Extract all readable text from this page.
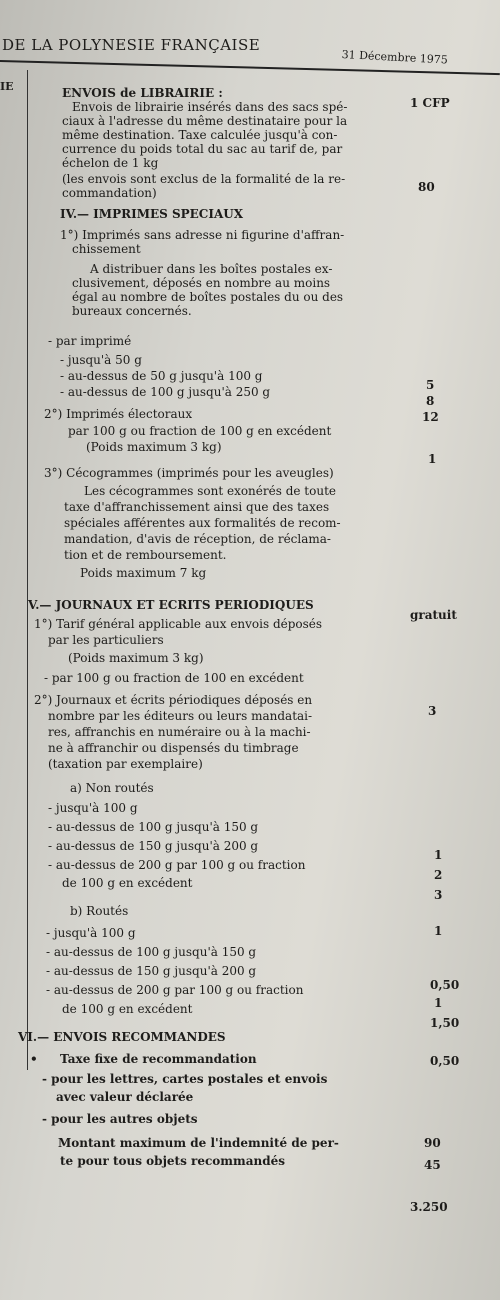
DE LA POLYNESIE FRANÇAISE
31 Décembre 1975
IE	ENVOIS de LIBRAIRIE :
Envois de librairie insérés dans des sacs spé-
ciaux à l'adresse du même destinataire pour la
même destination. Taxe calculée jusqu'à con-
currence du poids total du sac au tarif de, par
échelon de 1 kg
(les envois sont exclus de la formalité de la re-
commandation)
IV.— IMPRIMES SPECIAUX
1°) Imprimés sans adresse ni figurine d'affran-
chissement
A distribuer dans les boîtes postales ex-
clusivement, déposés en nombre au moins
égal au nombre de boîtes postales du ou des
bureaux concernés.
- par imprimé
- jusqu'à 50 g
- au-dessus de 50 g jusqu'à 100 g
- au-dessus de 100 g jusqu'à 250 g
2°) Imprimés électoraux
par 100 g ou fraction de 100 g en excédent
(Poids maximum 3 kg)
3°) Cécogrammes (imprimés pour les aveugles)
Les cécogrammes sont exonérés de toute
taxe d'affranchissement ainsi que des taxes
spéciales afférentes aux formalités de recom-
mandation, d'avis de réception, de réclama-
tion et de remboursement.
Poids maximum 7 kg
V.— JOURNAUX ET ECRITS PERIODIQUES
1°) Tarif général applicable aux envois déposés
par les particuliers
(Poids maximum 3 kg)
- par 100 g ou fraction de 100 en excédent
2°) Journaux et écrits périodiques déposés en
nombre par les éditeurs ou leurs mandatai-
res, affranchis en numéraire ou à la machi-
ne à affranchir ou dispensés du timbrage
(taxation par exemplaire)
a) Non routés
- jusqu'à 100 g
- au-dessus de 100 g jusqu'à 150 g
- au-dessus de 150 g jusqu'à 200 g
- au-dessus de 200 g par 100 g ou fraction
de 100 g en excédent
b) Routés
- jusqu'à 100 g
- au-dessus de 100 g jusqu'à 150 g
- au-dessus de 150 g jusqu'à 200 g
- au-dessus de 200 g par 100 g ou fraction
de 100 g en excédent
VI.— ENVOIS RECOMMANDES
• Taxe fixe de recommandation
- pour les lettres, cartes postales et envois
avec valeur déclarée
- pour les autres objets
Montant maximum de l'indemnité de per-
te pour tous objets recommandés
1 CFP
80
5
8
12
1
gratuit
3
1
2
3
1
0,50
1
1,50
0,50
90
45
3.250
